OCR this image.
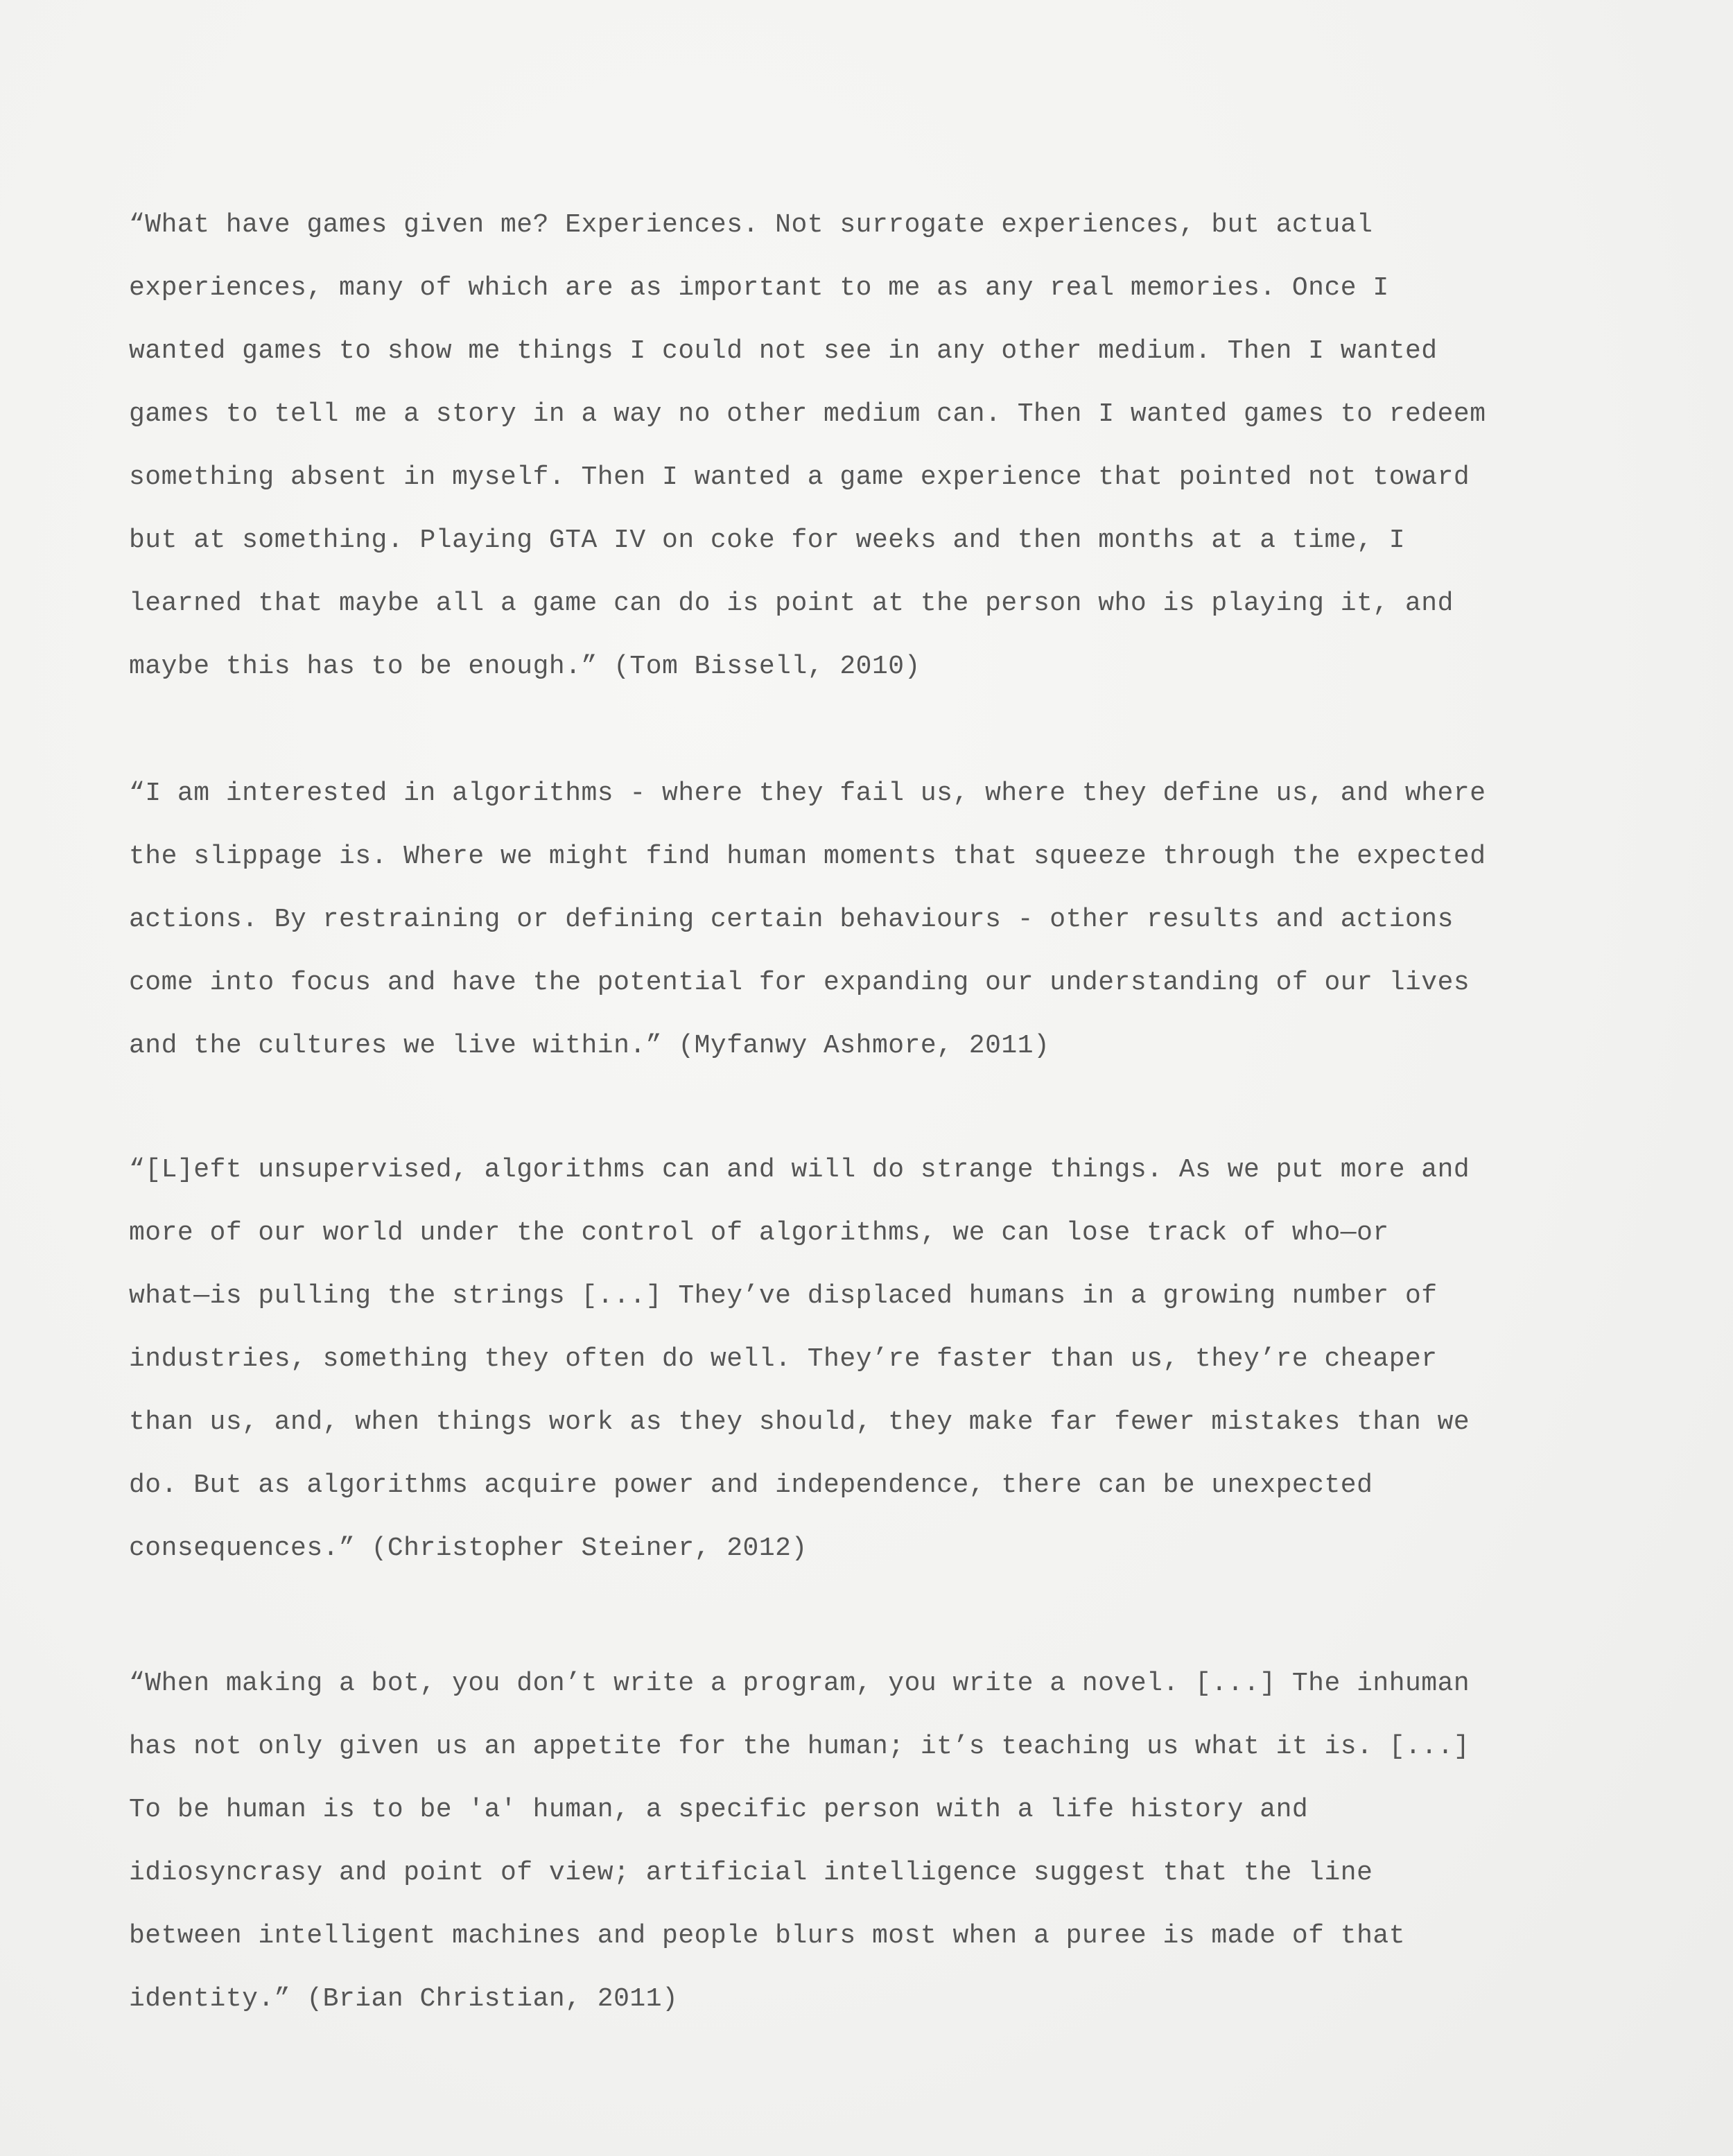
“What have games given me? Experiences. Not surrogate experiences, but actual
experiences, many of which are as important to me as any real memories. Once I
wanted games to show me things I could not see in any other medium. Then I wanted
games to tell me a story in a way no other medium can. Then I wanted games to redeem
something absent in myself. Then I wanted a game experience that pointed not toward
but at something. Playing GTA IV on coke for weeks and then months at a time, I
learned that maybe all a game can do is point at the person who is playing it, and
maybe this has to be enough.” (Tom Bissell, 2010)
“I am interested in algorithms - where they fail us, where they define us, and where
the slippage is. Where we might find human moments that squeeze through the expected
actions. By restraining or defining certain behaviours - other results and actions
come into focus and have the potential for expanding our understanding of our lives
and the cultures we live within.” (Myfanwy Ashmore, 2011)
“[L]eft unsupervised, algorithms can and will do strange things. As we put more and
more of our world under the control of algorithms, we can lose track of who—or
what—is pulling the strings [...] They’ve displaced humans in a growing number of
industries, something they often do well. They’re faster than us, they’re cheaper
than us, and, when things work as they should, they make far fewer mistakes than we
do. But as algorithms acquire power and independence, there can be unexpected
consequences.” (Christopher Steiner, 2012)
“When making a bot, you don’t write a program, you write a novel. [...] The inhuman
has not only given us an appetite for the human; it’s teaching us what it is. [...]
To be human is to be 'a' human, a specific person with a life history and
idiosyncrasy and point of view; artificial intelligence suggest that the line
between intelligent machines and people blurs most when a puree is made of that
identity.” (Brian Christian, 2011)
